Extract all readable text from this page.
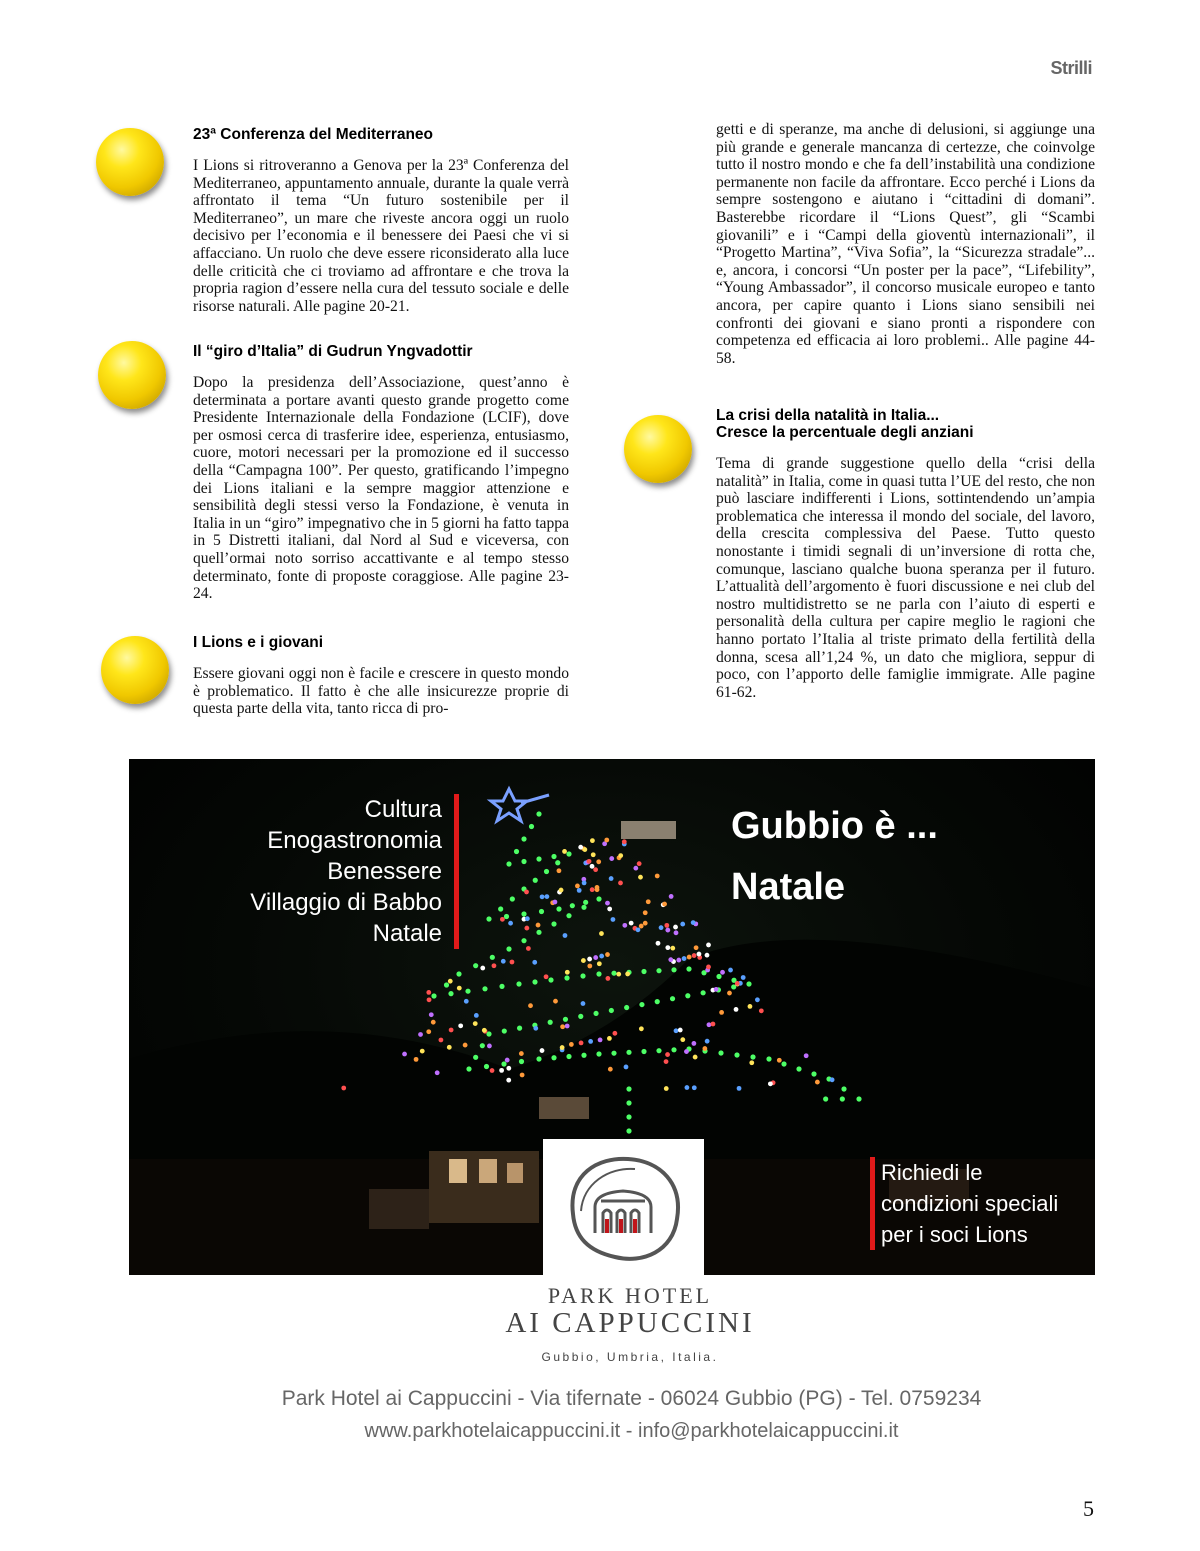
Strilli
23ª Conferenza del Mediterraneo

I Lions si ritroveranno a Genova per la 23ª Conferenza del Mediterraneo, appuntamento annuale, durante la quale verrà affrontato il tema “Un futuro sostenibile per il Mediterraneo”, un mare che riveste ancora oggi un ruolo decisivo per l’economia e il benessere dei Paesi che vi si affacciano. Un ruolo che deve essere riconsiderato alla luce delle criticità che ci troviamo ad affrontare e che trova la propria ragion d’essere nella cura del tessuto sociale e delle risorse naturali. Alle pagine 20-21.

Il “giro d’Italia” di Gudrun Yngvadottir

Dopo la presidenza dell’Associazione, quest’anno è determinata a portare avanti questo grande progetto come Presidente Internazionale della Fondazione (LCIF), dove per osmosi cerca di trasferire idee, esperienza, entusiasmo, cuore, motori necessari per la promozione ed il successo della “Campagna 100”. Per questo, gratificando l’impegno dei Lions italiani e la sempre maggior attenzione e sensibilità degli stessi verso la Fondazione, è venuta in Italia in un “giro” impegnativo che in 5 giorni ha fatto tappa in 5 Distretti italiani, dal Nord al Sud e viceversa, con quell’ormai noto sorriso accattivante e al tempo stesso determinato, fonte di proposte coraggiose. Alle pagine 23-24.

I Lions e i giovani

Essere giovani oggi non è facile e crescere in questo mondo è problematico. Il fatto è che alle insicurezze proprie di questa parte della vita, tanto ricca di pro-

getti e di speranze, ma anche di delusioni, si aggiunge una più grande e generale mancanza di certezze, che coinvolge tutto il nostro mondo e che fa dell’instabilità una condizione permanente non facile da affrontare. Ecco perché i Lions da sempre sostengono e aiutano i “cittadini di domani”. Basterebbe ricordare il “Lions Quest”, gli “Scambi giovanili” e i “Campi della gioventù internazionali”, il “Progetto Martina”, “Viva Sofia”, la “Sicurezza stradale”... e, ancora, i concorsi “Un poster per la pace”, “Lifebility”, “Young Ambassador”, il concorso musicale europeo e tanto ancora, per capire quanto i Lions siano sensibili nei confronti dei giovani e siano pronti a rispondere con competenza ed efficacia ai loro problemi.. Alle pagine 44-58.

La crisi della natalità in Italia...
Cresce la percentuale degli anziani

Tema di grande suggestione quello della “crisi della natalità” in Italia, come in quasi tutta l’UE del resto, che non può lasciare indifferenti i Lions, sottintendendo un’ampia problematica che interessa il mondo del sociale, del lavoro, della crescita complessiva del Paese. Tutto questo nonostante i timidi segnali di un’inversione di rotta che, comunque, lasciano qualche buona speranza per il futuro. L’attualità dell’argomento è fuori discussione e nei club del nostro multidistretto se ne parla con l’aiuto di esperti e personalità della cultura per capire meglio le ragioni che hanno portato l’Italia al triste primato della fertilità della donna, scesa all’1,24 %, un dato che migliora, seppur di poco, con l’apporto delle famiglie immigrate. Alle pagine 61-62.

Cultura
Enogastronomia
Benessere
Villaggio di Babbo
Natale
Gubbio è ...
Natale
Richiedi le
condizioni speciali
per i soci Lions
PARK HOTEL
AI CAPPUCCINI
Gubbio, Umbria, Italia.
Park Hotel ai Cappuccini - Via tifernate - 06024 Gubbio (PG) - Tel. 0759234
www.parkhotelaicappuccini.it - info@parkhotelaicappuccini.it
5
